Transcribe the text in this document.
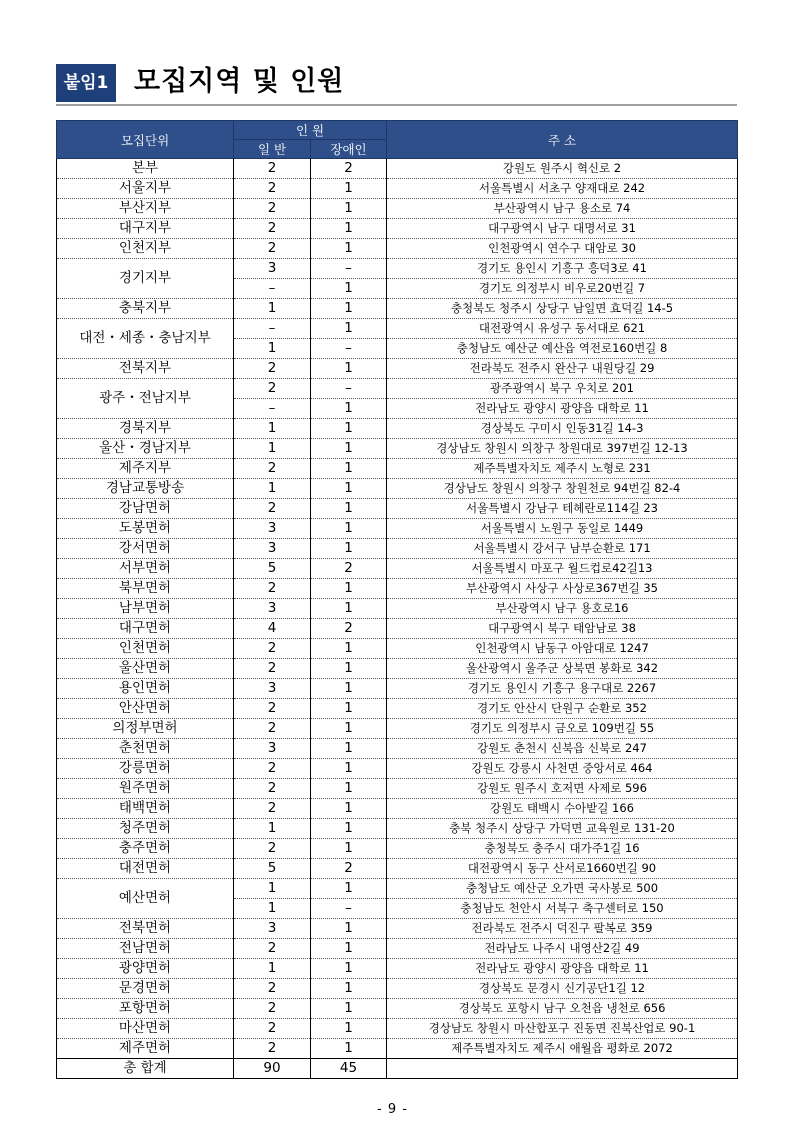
붙임1 모집지역 및 인원
모집단위	인 원		주 소
	일 반	장애인	
본부	2	2	강원도 원주시 혁신로 2
서울지부	2	1	서울특별시 서초구 양재대로 242
부산지부	2	1	부산광역시 남구 용소로 74
대구지부	2	1	대구광역시 남구 대명서로 31
인천지부	2	1	인천광역시 연수구 대암로 30
경기지부	3	–	경기도 용인시 기흥구 흥덕3로 41
	–	1	경기도 의정부시 비우로20번길 7
충북지부	1	1	충청북도 청주시 상당구 남일면 효덕길 14-5
대전・세종・충남지부	–	1	대전광역시 유성구 동서대로 621
	1	–	충청남도 예산군 예산읍 역전로160번길 8
전북지부	2	1	전라북도 전주시 완산구 내원당길 29
광주・전남지부	2	–	광주광역시 북구 우치로 201
	–	1	전라남도 광양시 광양읍 대학로 11
경북지부	1	1	경상북도 구미시 인동31길 14-3
울산・경남지부	1	1	경상남도 창원시 의창구 창원대로 397번길 12-13
제주지부	2	1	제주특별자치도 제주시 노형로 231
경남교통방송	1	1	경상남도 창원시 의창구 창원천로 94번길 82-4
강남면허	2	1	서울특별시 강남구 테헤란로114길 23
도봉면허	3	1	서울특별시 노원구 동일로 1449
강서면허	3	1	서울특별시 강서구 남부순환로 171
서부면허	5	2	서울특별시 마포구 월드컵로42길13
북부면허	2	1	부산광역시 사상구 사상로367번길 35
남부면허	3	1	부산광역시 남구 용호로16
대구면허	4	2	대구광역시 북구 태암남로 38
인천면허	2	1	인천광역시 남동구 아암대로 1247
울산면허	2	1	울산광역시 울주군 상북면 봉화로 342
용인면허	3	1	경기도 용인시 기흥구 용구대로 2267
안산면허	2	1	경기도 안산시 단원구 순환로 352
의정부면허	2	1	경기도 의정부시 금오로 109번길 55
춘천면허	3	1	강원도 춘천시 신북읍 신북로 247
강릉면허	2	1	강원도 강릉시 사천면 중앙서로 464
원주면허	2	1	강원도 원주시 호저면 사제로 596
태백면허	2	1	강원도 태백시 수아밭길 166
청주면허	1	1	충북 청주시 상당구 가덕면 교육원로 131-20
충주면허	2	1	충청북도 충주시 대가주1길 16
대전면허	5	2	대전광역시 동구 산서로1660번길 90
예산면허	1	1	충청남도 예산군 오가면 국사봉로 500
	1	–	충청남도 천안시 서북구 축구센터로 150
전북면허	3	1	전라북도 전주시 덕진구 팔복로 359
전남면허	2	1	전라남도 나주시 내영산2길 49
광양면허	1	1	전라남도 광양시 광양읍 대학로 11
문경면허	2	1	경상북도 문경시 신기공단1길 12
포항면허	2	1	경상북도 포항시 남구 오천읍 냉천로 656
마산면허	2	1	경상남도 창원시 마산합포구 진동면 진북산업로 90-1
제주면허	2	1	제주특별자치도 제주시 애월읍 평화로 2072
총 합계	90	45	
- 9 -
